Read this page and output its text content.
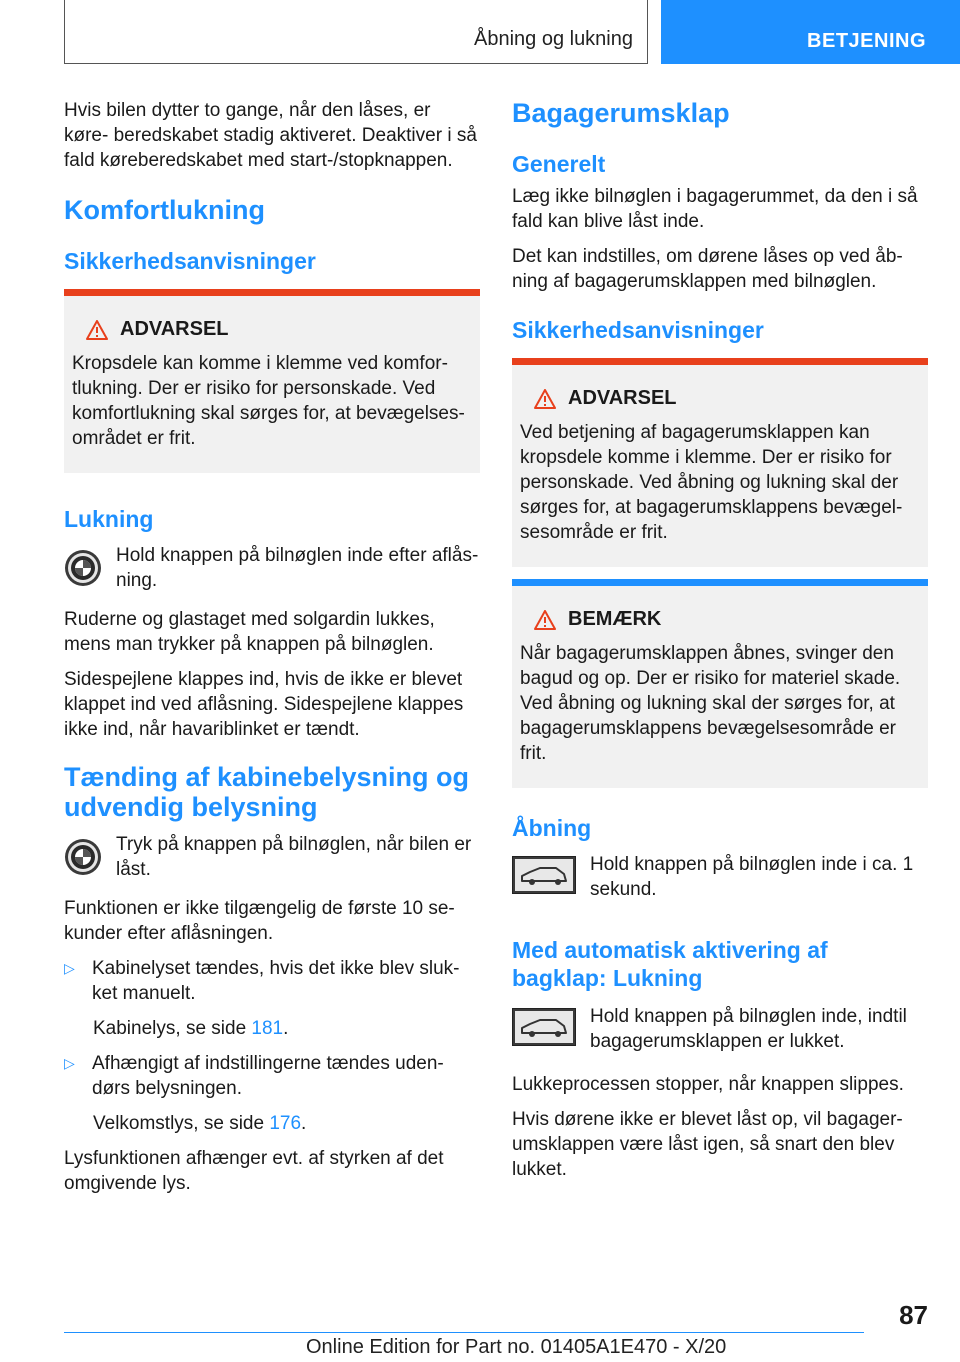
Åbning og lukning	BETJENING

Hvis bilen dytter to gange, når den låses, er køre- beredskabet stadig aktiveret. Deaktiver i så fald køreberedskabet med start-/stopknappen.

Komfortlukning
Sikkerhedsanvisninger
ADVARSEL

Kropsdele kan komme i klemme ved komfor- tlukning. Der er risiko for personskade. Ved komfortlukning skal sørges for, at bevægelses- området er frit.

Lukning

Hold knappen på bilnøglen inde efter aflås- ning.

Ruderne og glastaget med solgardin lukkes, mens man trykker på knappen på bilnøglen.

Sidespejlene klappes ind, hvis de ikke er blevet klappet ind ved aflåsning. Sidespejlene klappes ikke ind, når havariblinket er tændt.

Tænding af kabinebelysning og udvendig belysning

Tryk på knappen på bilnøglen, når bilen er låst.

Funktionen er ikke tilgængelig de første 10 se- kunder efter aflåsningen.

▷ Kabinelyset tændes, hvis det ikke blev sluk- ket manuelt.

Kabinelys, se side 181.

▷ Afhængigt af indstillingerne tændes uden- dørs belysningen.

Velkomstlys, se side 176.

Lysfunktionen afhænger evt. af styrken af det omgivende lys.

Bagagerumsklap
Generelt

Læg ikke bilnøglen i bagagerummet, da den i så fald kan blive låst inde.

Det kan indstilles, om dørene låses op ved åb- ning af bagagerumsklappen med bilnøglen.

Sikkerhedsanvisninger
ADVARSEL

Ved betjening af bagagerumsklappen kan kropsdele komme i klemme. Der er risiko for personskade. Ved åbning og lukning skal der sørges for, at bagagerumsklappens bevægel- sesområde er frit.

BEMÆRK

Når bagagerumsklappen åbnes, svinger den bagud og op. Der er risiko for materiel skade. Ved åbning og lukning skal der sørges for, at bagagerumsklappens bevægelsesområde er frit.

Åbning

Hold knappen på bilnøglen inde i ca. 1 sekund.

Med automatisk aktivering af bagklap: Lukning

Hold knappen på bilnøglen inde, indtil bagagerumsklappen er lukket.

Lukkeprocessen stopper, når knappen slippes.

Hvis dørene ikke er blevet låst op, vil bagager- umsklappen være låst igen, så snart den blev lukket.

87
Online Edition for Part no. 01405A1E470 - X/20
